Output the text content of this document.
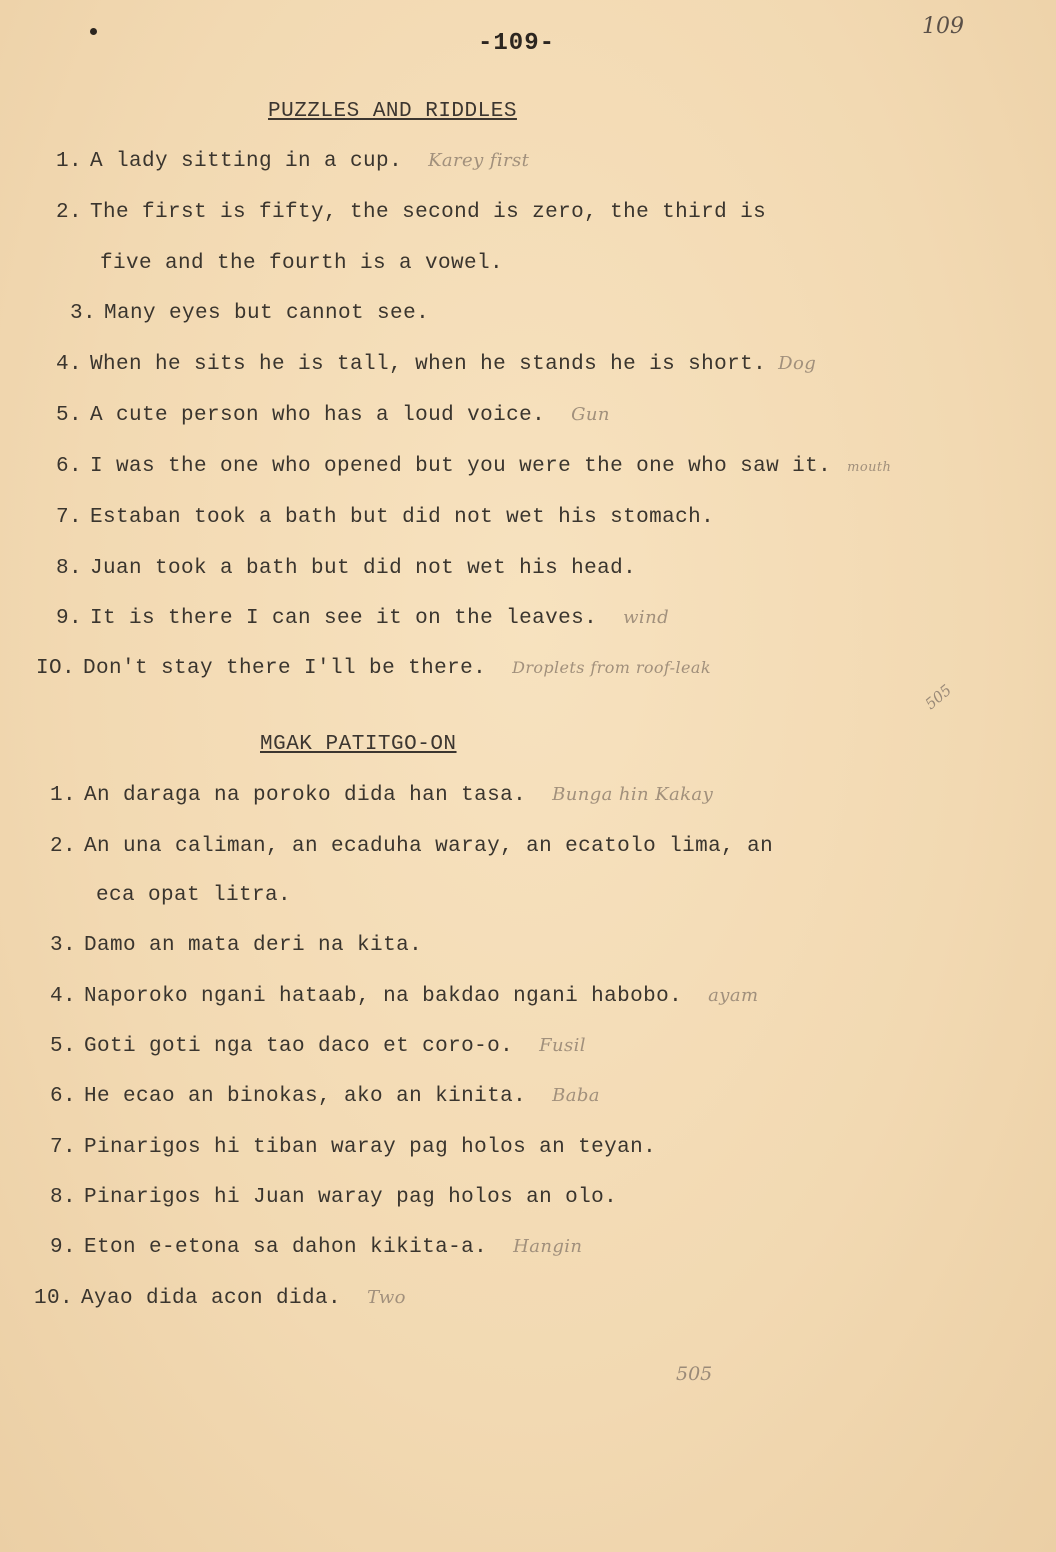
-109-
109
PUZZLES AND RIDDLES
1. A lady sitting in a cup. Karey first
2. The first is fifty, the second is zero, the third is
five and the fourth is a vowel.
3. Many eyes but cannot see.
4. When he sits he is tall, when he stands he is short. Dog
5. A cute person who has a loud voice. Gun
6. I was the one who opened but you were the one who saw it. mouth
7. Estaban took a bath but did not wet his stomach.
8. Juan took a bath but did not wet his head.
9. It is there I can see it on the leaves. wind
IO. Don't stay there I'll be there. Droplets from roof-leak
505
MGAK PATITGO-ON
1. An daraga na poroko dida han tasa. Bunga hin Kakay
2. An una caliman, an ecaduha waray, an ecatolo lima, an
eca opat litra.
3. Damo an mata deri na kita.
4. Naporoko ngani hataab, na bakdao ngani habobo. ayam
5. Goti goti nga tao daco et coro-o. Fusil
6. He ecao an binokas, ako an kinita. Baba
7. Pinarigos hi tiban waray pag holos an teyan.
8. Pinarigos hi Juan waray pag holos an olo.
9. Eton e-etona sa dahon kikita-a. Hangin
10. Ayao dida acon dida. Two
505
